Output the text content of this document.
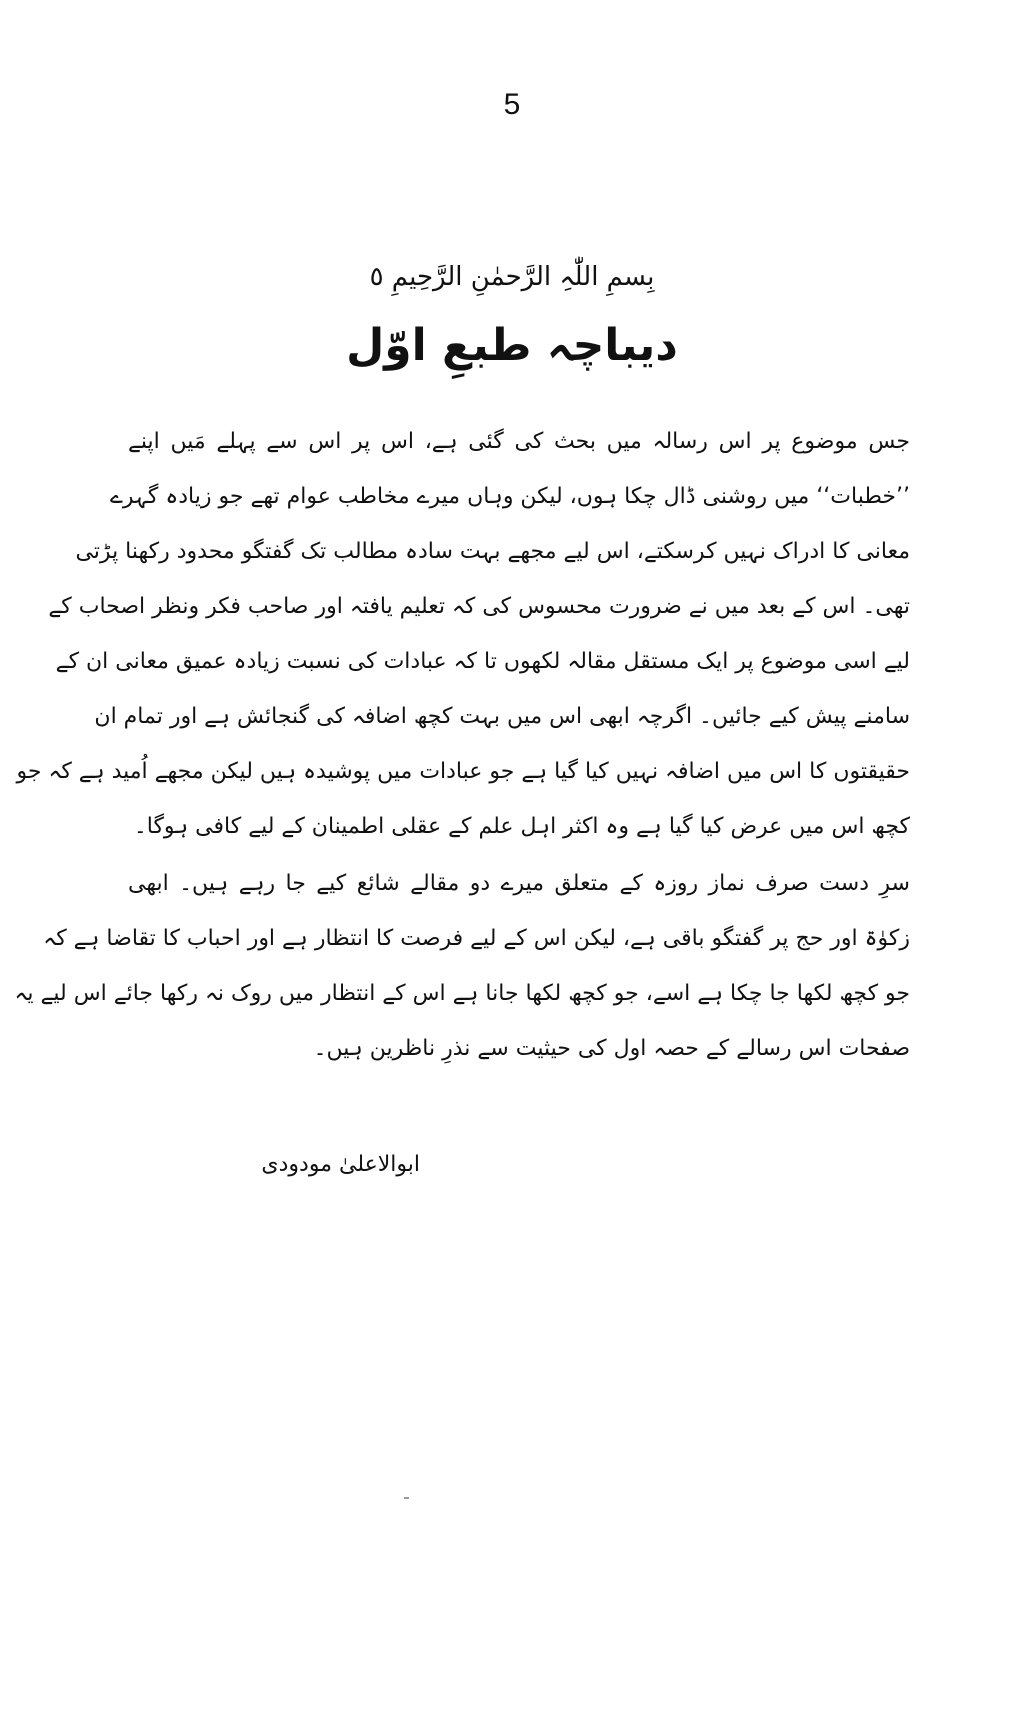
5
بِسمِ اللّٰہِ الرَّحمٰنِ الرَّحِیمِ ٥
دیباچہ طبعِ اوّل
جس موضوع پر اس رسالہ میں بحث کی گئی ہے، اس پر اس سے پہلے مَیں اپنے
’’خطبات‘‘ میں روشنی ڈال چکا ہوں، لیکن وہاں میرے مخاطب عوام تھے جو زیادہ گہرے
معانی کا ادراک نہیں کرسکتے، اس لیے مجھے بہت سادہ مطالب تک گفتگو محدود رکھنا پڑتی
تھی۔ اس کے بعد میں نے ضرورت محسوس کی کہ تعلیم یافتہ اور صاحب فکر ونظر اصحاب کے
لیے اسی موضوع پر ایک مستقل مقالہ لکھوں تا کہ عبادات کی نسبت زیادہ عمیق معانی ان کے
سامنے پیش کیے جائیں۔ اگرچہ ابھی اس میں بہت کچھ اضافہ کی گنجائش ہے اور تمام ان
حقیقتوں کا اس میں اضافہ نہیں کیا گیا ہے جو عبادات میں پوشیدہ ہیں لیکن مجھے اُمید ہے کہ جو
کچھ اس میں عرض کیا گیا ہے وہ اکثر اہل علم کے عقلی اطمینان کے لیے کافی ہوگا۔
سرِ دست صرف نماز روزہ کے متعلق میرے دو مقالے شائع کیے جا رہے ہیں۔ ابھی
زکوٰۃ اور حج پر گفتگو باقی ہے، لیکن اس کے لیے فرصت کا انتظار ہے اور احباب کا تقاضا ہے کہ
جو کچھ لکھا جا چکا ہے اسے، جو کچھ لکھا جانا ہے اس کے انتظار میں روک نہ رکھا جائے اس لیے یہ
صفحات اس رسالے کے حصہ اول کی حیثیت سے نذرِ ناظرین ہیں۔
ابوالاعلیٰ مودودی
